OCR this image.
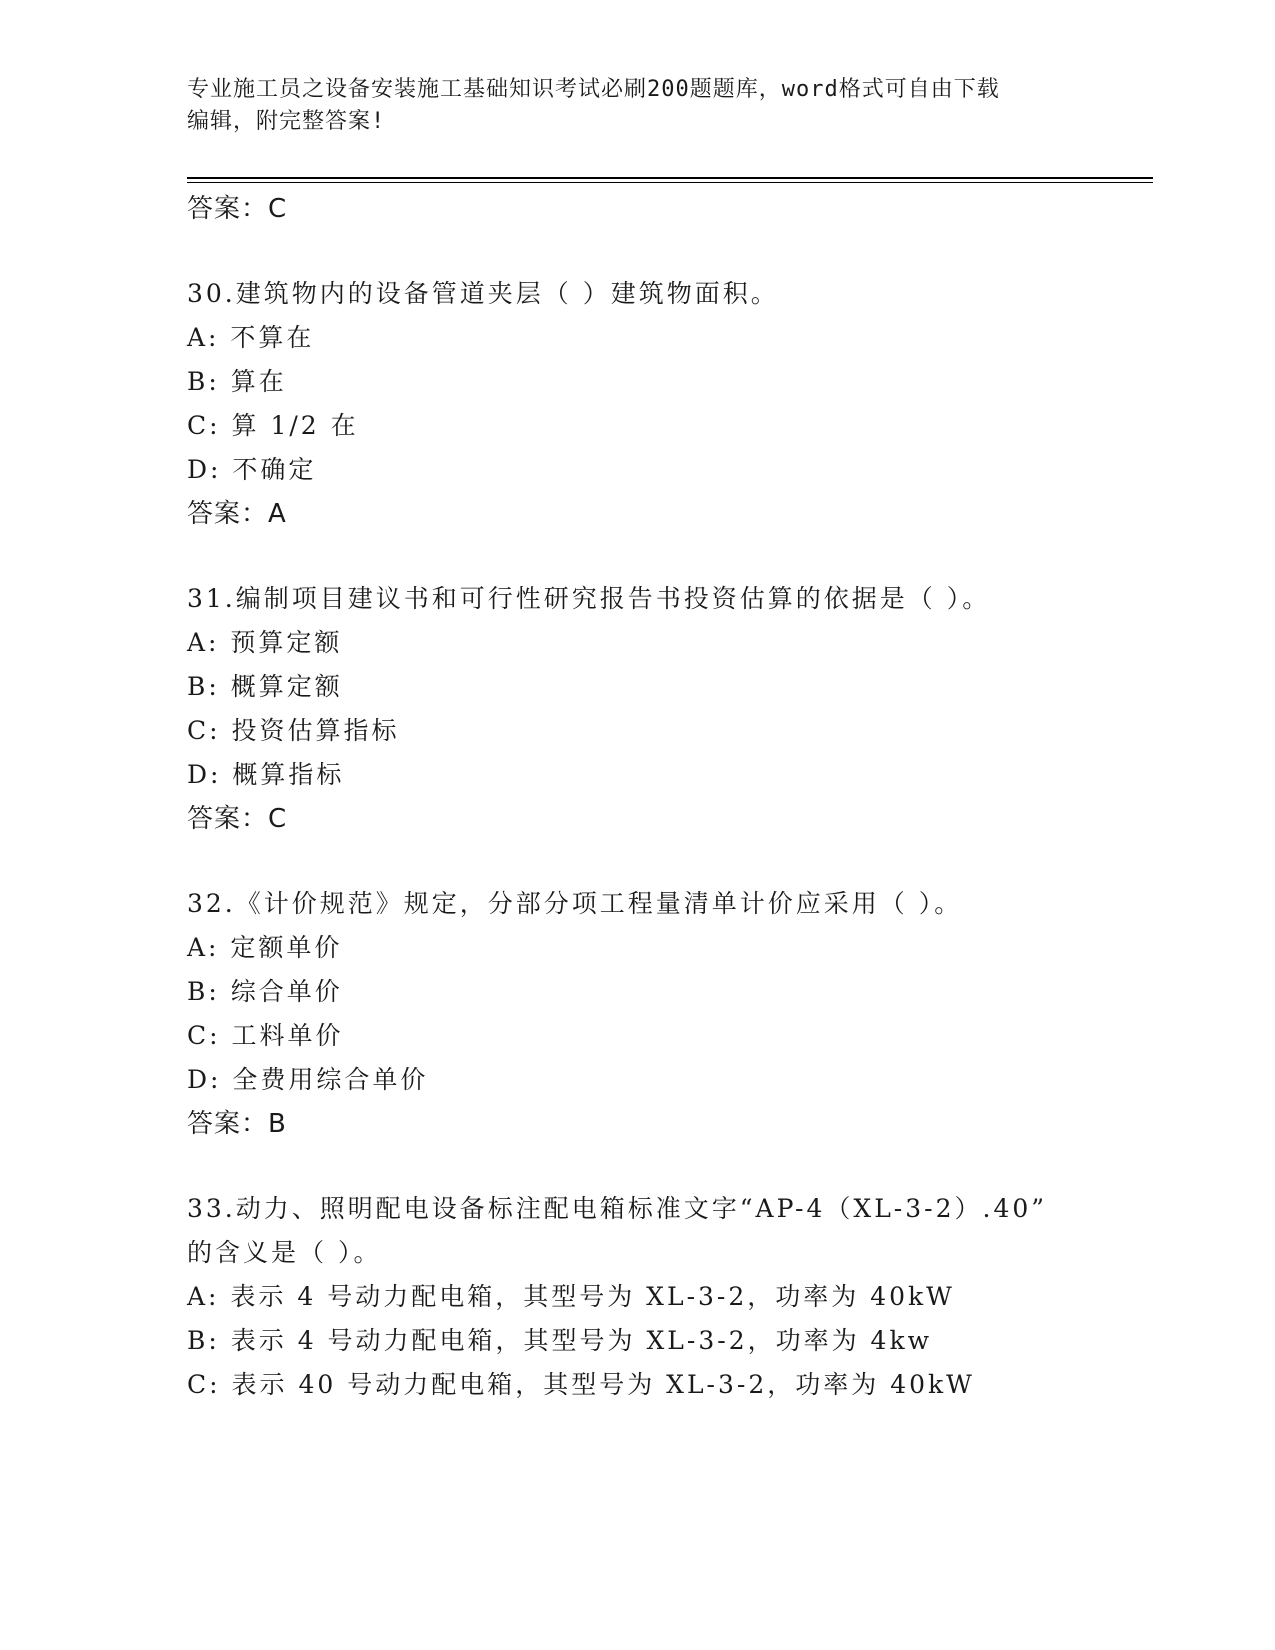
专业施工员之设备安装施工基础知识考试必刷200题题库，word格式可自由下载
编辑，附完整答案!
答案：C
30.建筑物内的设备管道夹层（ ）建筑物面积。
A: 不算在
B: 算在
C: 算 1/2 在
D: 不确定
答案：A
31.编制项目建议书和可行性研究报告书投资估算的依据是（ ）。
A: 预算定额
B: 概算定额
C: 投资估算指标
D: 概算指标
答案：C
32.《计价规范》规定，分部分项工程量清单计价应采用（ ）。
A: 定额单价
B: 综合单价
C: 工料单价
D: 全费用综合单价
答案：B
33.动力、照明配电设备标注配电箱标准文字“AP-4（XL-3-2）.40”
的含义是（ ）。
A: 表示 4 号动力配电箱，其型号为 XL-3-2，功率为 40kW
B: 表示 4 号动力配电箱，其型号为 XL-3-2，功率为 4kw
C: 表示 40 号动力配电箱，其型号为 XL-3-2，功率为 40kW
